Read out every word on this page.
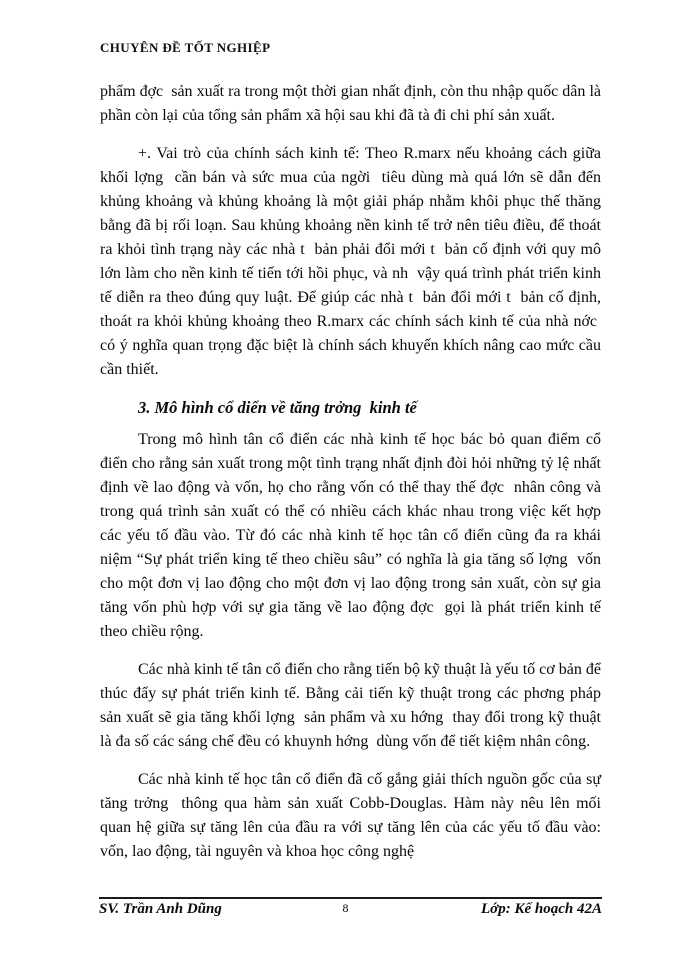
CHUYÊN ĐỀ TỐT NGHIỆP

phẩm đợc  sản xuất ra trong một thời gian nhất định, còn thu nhập quốc dân là phần còn lại của tổng sản phẩm xã hội sau khi đã tà đi chi phí sản xuất.

+. Vai trò của chính sách kinh tế: Theo R.marx nếu khoảng cách giữa khối lợng  cần bán và sức mua của ngời  tiêu dùng mà quá lớn sẽ dẫn đến khủng khoảng và khủng khoảng là một giải pháp nhằm khôi phục thế thăng bằng đã bị rối loạn. Sau khủng khoảng nền kinh tế trở nên tiêu điều, để thoát ra khỏi tình trạng này các nhà t  bản phải đổi mới t  bản cố định với quy mô lớn làm cho nền kinh tế tiến tới hồi phục, và nh  vậy quá trình phát triển kinh tế diễn ra theo đúng quy luật. Để giúp các nhà t  bản đổi mới t  bản cố định, thoát ra khỏi khủng khoảng theo R.marx các chính sách kinh tế của nhà nớc  có ý nghĩa quan trọng đặc biệt là chính sách khuyến khích nâng cao mức cầu cần thiết.

3. Mô hình cổ diển về tăng trởng  kinh tế

Trong mô hình tân cổ điển các nhà kinh tế học bác bỏ quan điểm cổ điển cho rằng sản xuất trong một tình trạng nhất định đòi hỏi những tỷ lệ nhất định về lao động và vốn, họ cho rằng vốn có thể thay thế đợc  nhân công và trong quá trình sản xuất có thể có nhiều cách khác nhau trong việc kết hợp các yếu tố đầu vào. Từ đó các nhà kinh tế học tân cổ điển cũng đa ra khái niệm “Sự phát triển king tế theo chiều sâu” có nghĩa là gia tăng số lợng  vốn cho một đơn vị lao động cho một đơn vị lao động trong sản xuất, còn sự gia tăng vốn phù hợp với sự gia tăng về lao động đợc  gọi là phát triển kinh tế theo chiều rộng.

Các nhà kinh tế tân cổ điển cho rằng tiến bộ kỹ thuật là yếu tố cơ bản để thúc đẩy sự phát triển kinh tế. Bằng cải tiến kỹ thuật trong các phơng pháp sản xuất sẽ gia tăng khối lợng  sản phẩm và xu hớng  thay đổi trong kỹ thuật là đa số các sáng chế đều có khuynh hớng  dùng vốn để tiết kiệm nhân công.

Các nhà kinh tế học tân cổ điển đã cố gắng giải thích nguồn gốc của sự tăng trởng  thông qua hàm sản xuất Cobb-Douglas. Hàm này nêu lên mối quan hệ giữa sự tăng lên của đầu ra với sự tăng lên của các yếu tố đầu vào: vốn, lao động, tài nguyên và khoa học công nghệ

SV. Trần Anh Dũng	8	Lớp: Kế hoạch 42A
